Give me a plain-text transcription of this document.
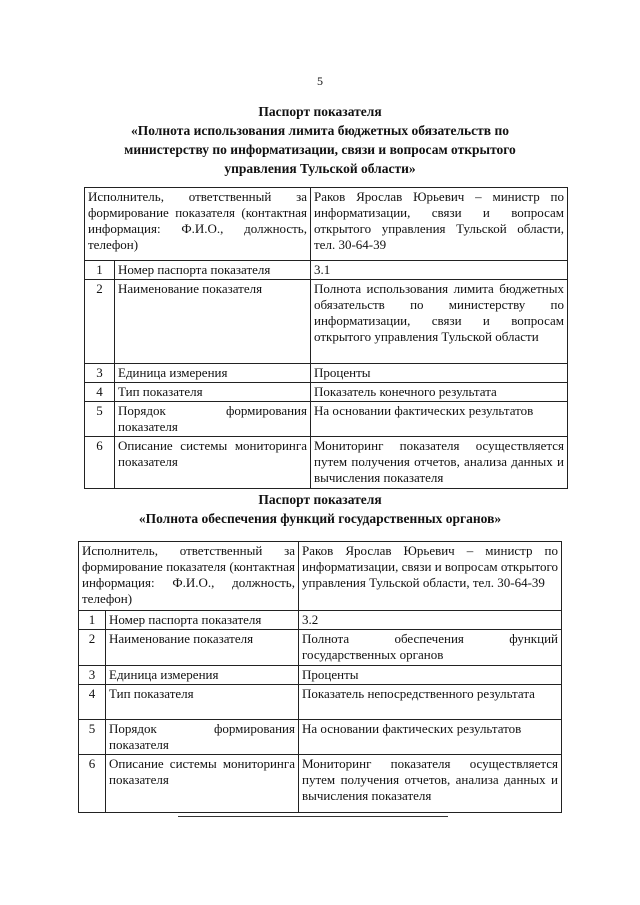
5
Паспорт показателя
«Полнота использования лимита бюджетных обязательств по
министерству по информатизации, связи и вопросам открытого
управления Тульской области»
Исполнитель, ответственный за формирование показателя (контактная информация: Ф.И.О., должность, телефон)		Раков Ярослав Юрьевич – министр по информатизации, связи и вопросам открытого управления Тульской области, тел. 30-64-39
1	Номер паспорта показателя	3.1
2	Наименование показателя	Полнота использования лимита бюджетных обязательств по министерству по информатизации, связи и вопросам открытого управления Тульской области
3	Единица измерения	Проценты
4	Тип показателя	Показатель конечного результата
5	Порядок формирования показателя	На основании фактических результатов
6	Описание системы мониторинга показателя	Мониторинг показателя осуществляется путем получения отчетов, анализа данных и вычисления показателя
Паспорт показателя
«Полнота обеспечения функций государственных органов»
Исполнитель, ответственный за формирование показателя (контактная информация: Ф.И.О., должность, телефон)		Раков Ярослав Юрьевич – министр по информатизации, связи и вопросам открытого управления Тульской области, тел. 30-64-39
1	Номер паспорта показателя	3.2
2	Наименование показателя	Полнота обеспечения функций государственных органов
3	Единица измерения	Проценты
4	Тип показателя	Показатель непосредственного результата
5	Порядок формирования показателя	На основании фактических результатов
6	Описание системы мониторинга показателя	Мониторинг показателя осуществляется путем получения отчетов, анализа данных и вычисления показателя
